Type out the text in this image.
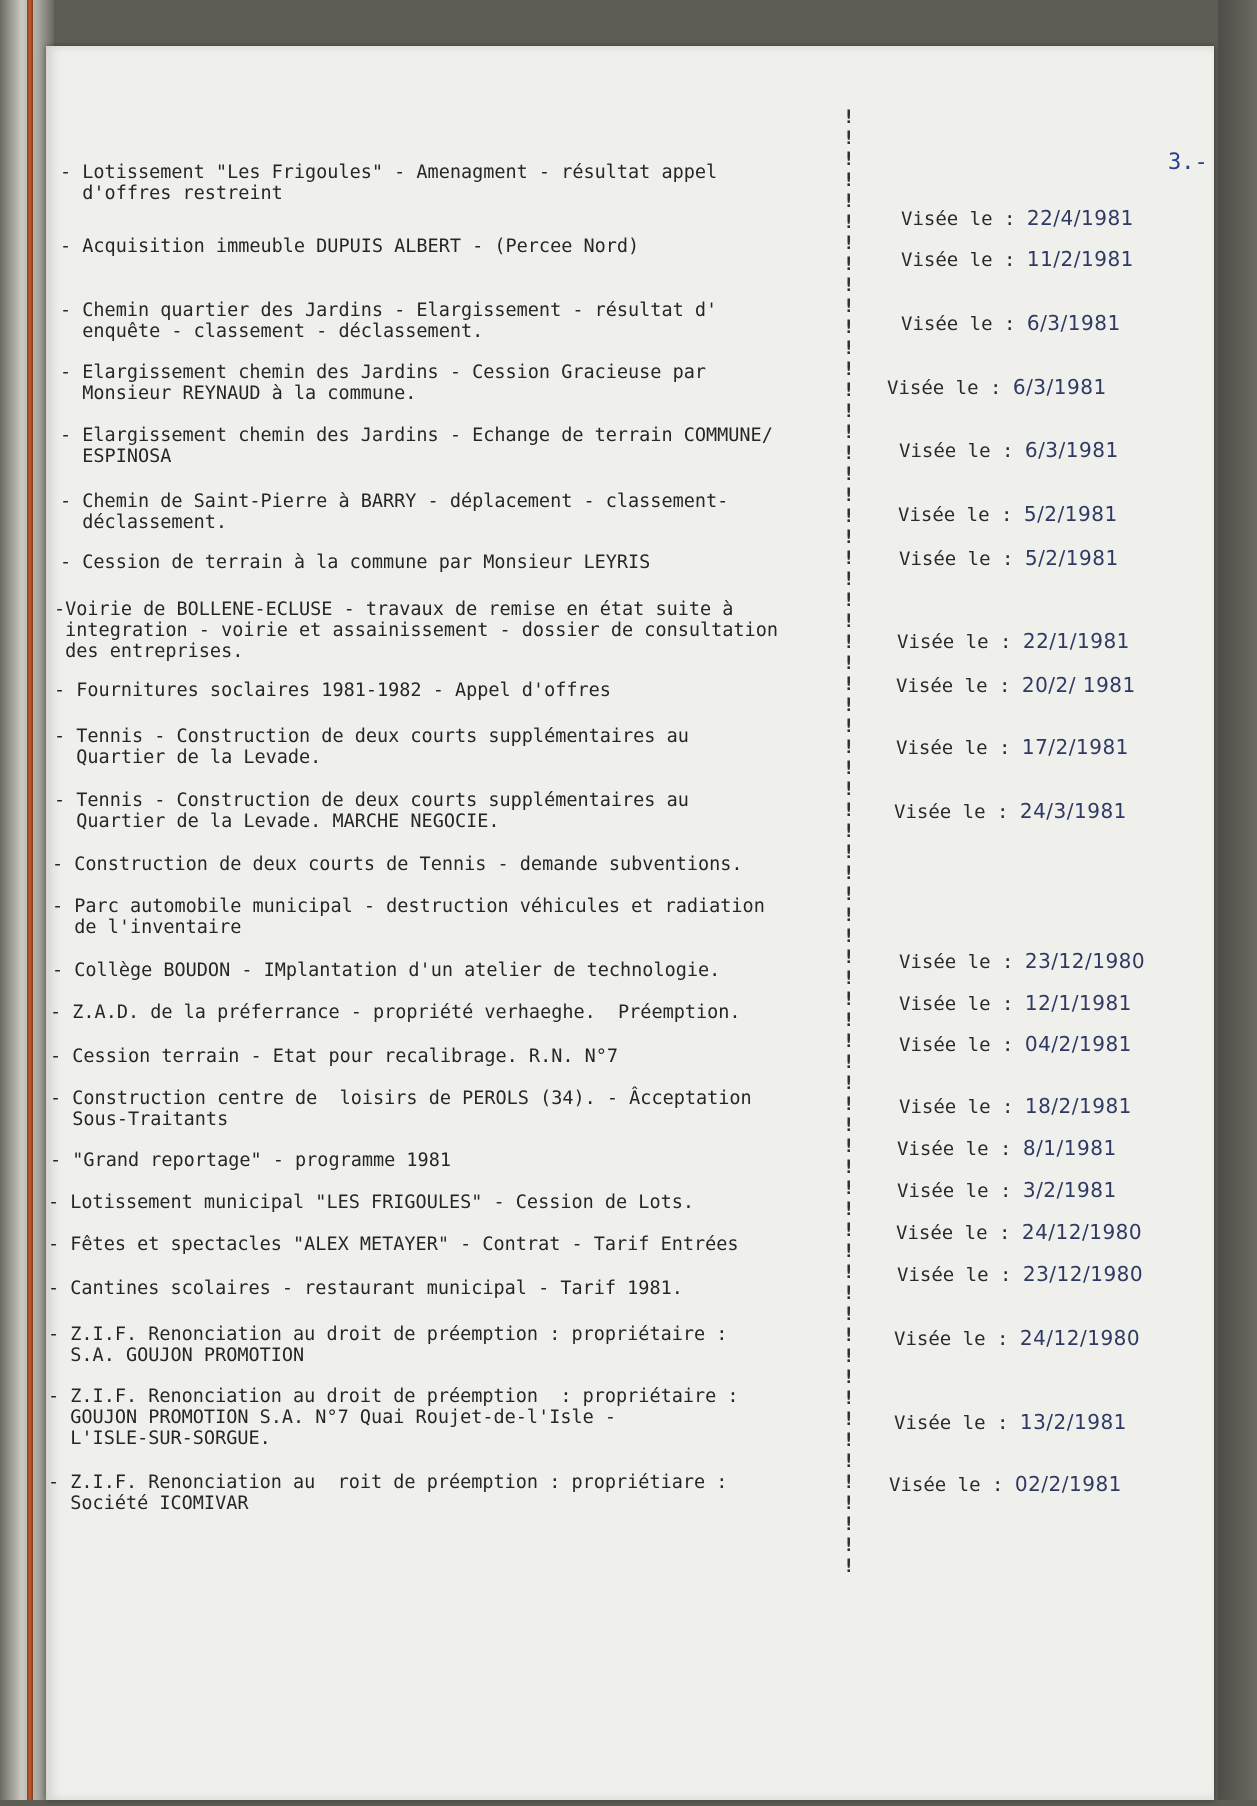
3.-
!
!
!
!
!
!
!
!
!
!
!
!
!
!
!
!
!
!
!
!
!
!
!
!
!
!
!
!
!
!
!
!
!
!
!
!
!
!
!
!
!
!
!
!
!
!
!
!
!
!
!
!
!
!
!
!
!
!
!
!
!
!
!
!
!
!
!
!
!
!
- Lotissement "Les Frigoules" - Amenagment - résultat appel
d'offres restreint
Visée le : 22/4/1981
- Acquisition immeuble DUPUIS ALBERT - (Percee Nord)
Visée le : 11/2/1981
- Chemin quartier des Jardins - Elargissement - résultat d'
enquête - classement - déclassement.	Visée le : 6/3/1981
- Elargissement chemin des Jardins - Cession Gracieuse par
Monsieur REYNAUD à la commune.	Visée le : 6/3/1981
- Elargissement chemin des Jardins - Echange de terrain COMMUNE/
ESPINOSA	Visée le : 6/3/1981
- Chemin de Saint-Pierre à BARRY - déplacement - classement-
déclassement.	Visée le : 5/2/1981
- Cession de terrain à la commune par Monsieur LEYRIS	Visée le : 5/2/1981
-Voirie de BOLLENE-ECLUSE - travaux de remise en état suite à
integration - voirie et assainissement - dossier de consultation
des entreprises.	Visée le : 22/1/1981
- Fournitures soclaires 1981-1982 - Appel d'offres	Visée le : 20/2/ 1981
- Tennis - Construction de deux courts supplémentaires au
Quartier de la Levade.	Visée le : 17/2/1981
- Tennis - Construction de deux courts supplémentaires au
Quartier de la Levade. MARCHE NEGOCIE.	Visée le : 24/3/1981
- Construction de deux courts de Tennis - demande subventions.
- Parc automobile municipal - destruction véhicules et radiation
de l'inventaire
- Collège BOUDON - IMplantation d'un atelier de technologie.	Visée le : 23/12/1980
- Z.A.D. de la préferrance - propriété verhaeghe.  Préemption.	Visée le : 12/1/1981
- Cession terrain - Etat pour recalibrage. R.N. N°7
Visée le : 04/2/1981
- Construction centre de  loisirs de PEROLS (34). - Âcceptation
Sous-Traitants
Visée le : 18/2/1981
- "Grand reportage" - programme 1981
Visée le : 8/1/1981
- Lotissement municipal "LES FRIGOULES" - Cession de Lots.
Visée le : 3/2/1981
- Fêtes et spectacles "ALEX METAYER" - Contrat - Tarif Entrées
Visée le : 24/12/1980
- Cantines scolaires - restaurant municipal - Tarif 1981.
Visée le : 23/12/1980
- Z.I.F. Renonciation au droit de préemption : propriétaire :
S.A. GOUJON PROMOTION
Visée le : 24/12/1980
- Z.I.F. Renonciation au droit de préemption  : propriétaire :
GOUJON PROMOTION S.A. N°7 Quai Roujet-de-l'Isle -
L'ISLE-SUR-SORGUE.
Visée le : 13/2/1981
- Z.I.F. Renonciation au  roit de préemption : propriétiare :
Société ICOMIVAR
Visée le : 02/2/1981
